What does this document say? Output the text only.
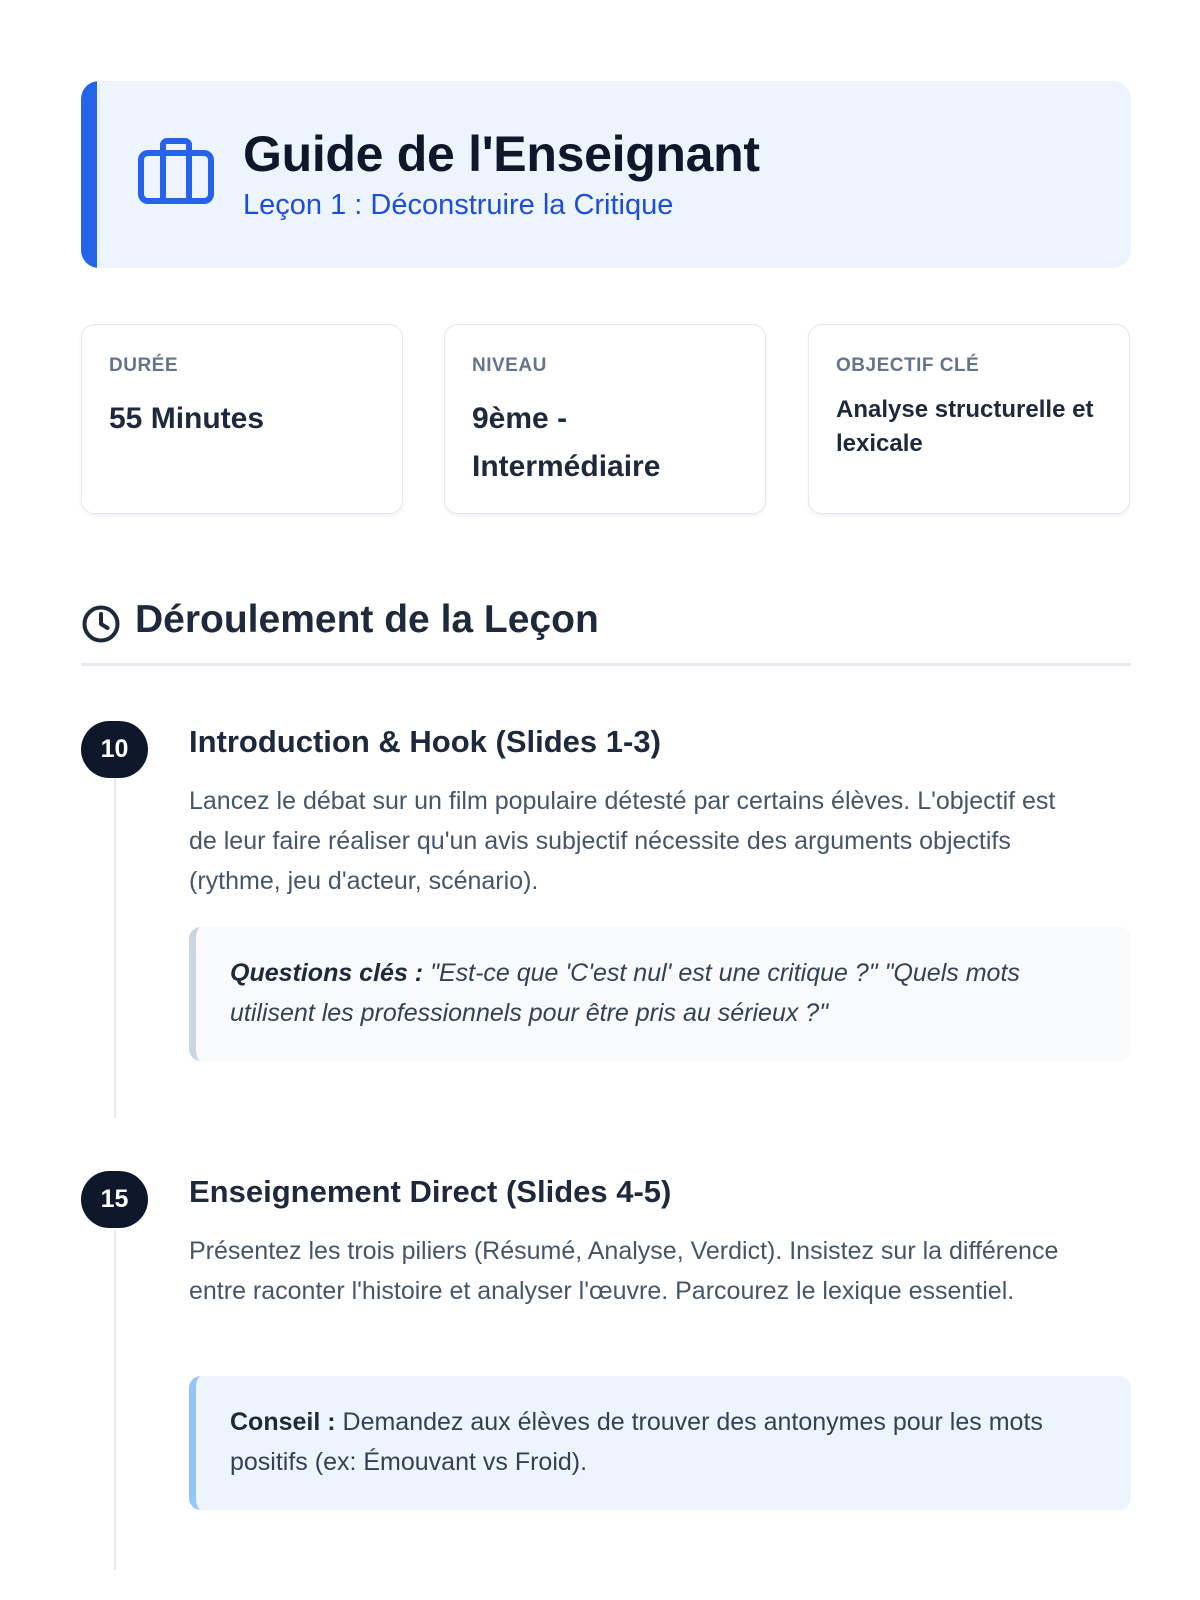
Guide de l'Enseignant
Leçon 1 : Déconstruire la Critique
DURÉE
55 Minutes
NIVEAU
9ème - Intermédiaire
OBJECTIF CLÉ
Analyse structurelle et lexicale
Déroulement de la Leçon
10	Introduction & Hook (Slides 1-3)
Lancez le débat sur un film populaire détesté par certains élèves. L'objectif est de leur faire réaliser qu'un avis subjectif nécessite des arguments objectifs (rythme, jeu d'acteur, scénario).
Questions clés : "Est-ce que 'C'est nul' est une critique ?" "Quels mots utilisent les professionnels pour être pris au sérieux ?"
15	Enseignement Direct (Slides 4-5)
Présentez les trois piliers (Résumé, Analyse, Verdict). Insistez sur la différence entre raconter l'histoire et analyser l'œuvre. Parcourez le lexique essentiel.
Conseil : Demandez aux élèves de trouver des antonymes pour les mots positifs (ex: Émouvant vs Froid).
